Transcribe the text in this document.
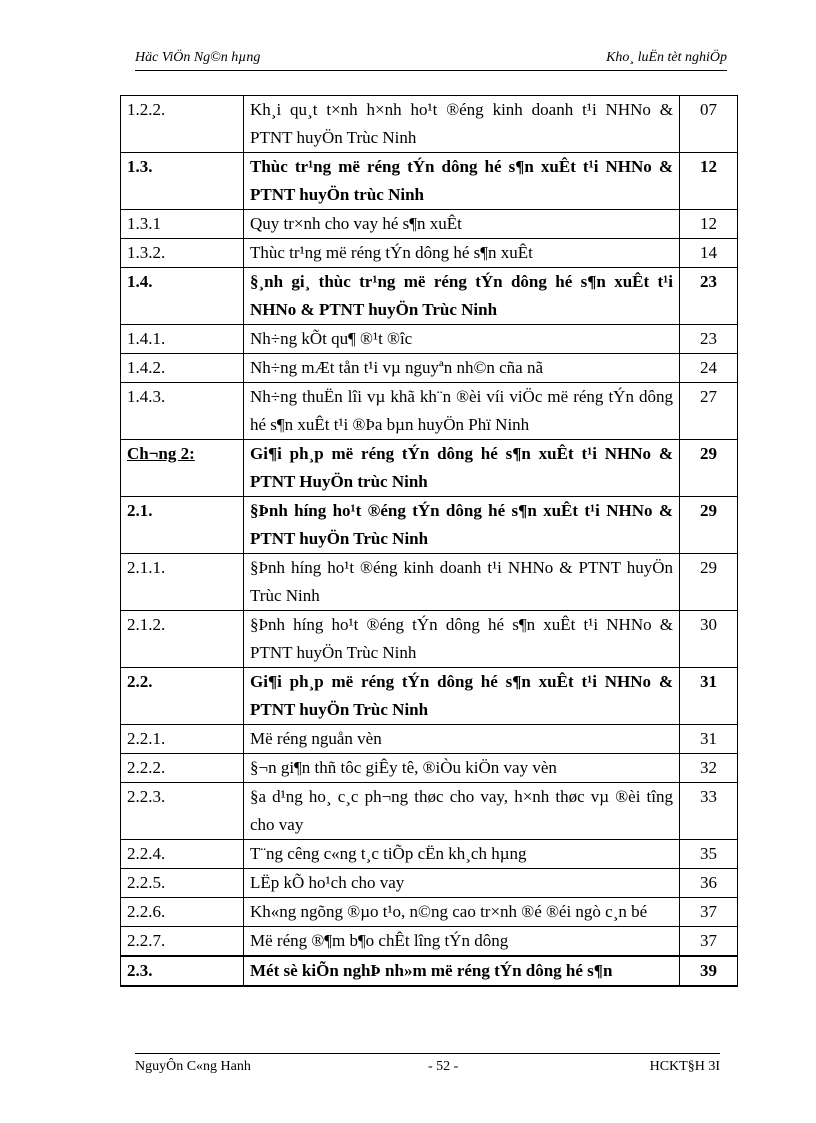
Häc ViÖn Ng©n hµng	Kho¸ luËn tèt nghiÖp
1.2.2.	Kh¸i qu¸t t×nh h×nh ho¹t ®éng kinh doanh t¹i NHNo & PTNT huyÖn Trùc Ninh	07
1.3.	Thùc tr¹ng më réng tÝn dông hé s¶n xuÊt t¹i NHNo & PTNT huyÖn trùc Ninh	12
1.3.1	Quy tr×nh cho vay hé s¶n xuÊt	12
1.3.2.	Thùc tr¹ng më réng tÝn dông hé s¶n xuÊt	14
1.4.	§¸nh gi¸ thùc tr¹ng më réng tÝn dông hé s¶n xuÊt t¹i NHNo & PTNT huyÖn Trùc Ninh	23
1.4.1.	Nh÷ng kÕt qu¶ ®¹t ®îc	23
1.4.2.	Nh÷ng mÆt tån t¹i vµ nguyªn nh©n cña nã	24
1.4.3.	Nh÷ng thuËn lîi vµ khã kh¨n ®èi víi viÖc më réng tÝn dông hé s¶n xuÊt t¹i ®Þa bµn huyÖn Phï Ninh	27
Ch¬ng 2:	Gi¶i ph¸p më réng tÝn dông hé s¶n xuÊt t¹i NHNo & PTNT HuyÖn trùc Ninh	29
2.1.	§Þnh híng ho¹t ®éng tÝn dông hé s¶n xuÊt t¹i NHNo & PTNT huyÖn Trùc Ninh	29
2.1.1.	§Þnh híng ho¹t ®éng kinh doanh t¹i NHNo & PTNT huyÖn Trùc Ninh	29
2.1.2.	§Þnh híng ho¹t ®éng tÝn dông hé s¶n xuÊt t¹i NHNo & PTNT huyÖn Trùc Ninh	30
2.2.	Gi¶i ph¸p më réng tÝn dông hé s¶n xuÊt t¹i NHNo & PTNT huyÖn Trùc Ninh	31
2.2.1.	Më réng nguån vèn	31
2.2.2.	§¬n gi¶n thñ tôc giÊy tê, ®iÒu kiÖn vay vèn	32
2.2.3.	§a d¹ng ho¸ c¸c ph¬ng thøc cho vay, h×nh thøc vµ ®èi tîng cho vay	33
2.2.4.	T¨ng cêng c«ng t¸c tiÕp cËn kh¸ch hµng	35
2.2.5.	LËp kÕ ho¹ch cho vay	36
2.2.6.	Kh«ng ngõng ®µo t¹o, n©ng cao tr×nh ®é ®éi ngò c¸n bé	37
2.2.7.	Më réng ®¶m b¶o chÊt lîng tÝn dông	37
2.3.	Mét sè kiÕn nghÞ nh»m më réng tÝn dông hé s¶n	39
NguyÔn C«ng Hanh	- 52 -	HCKT§H 3I
